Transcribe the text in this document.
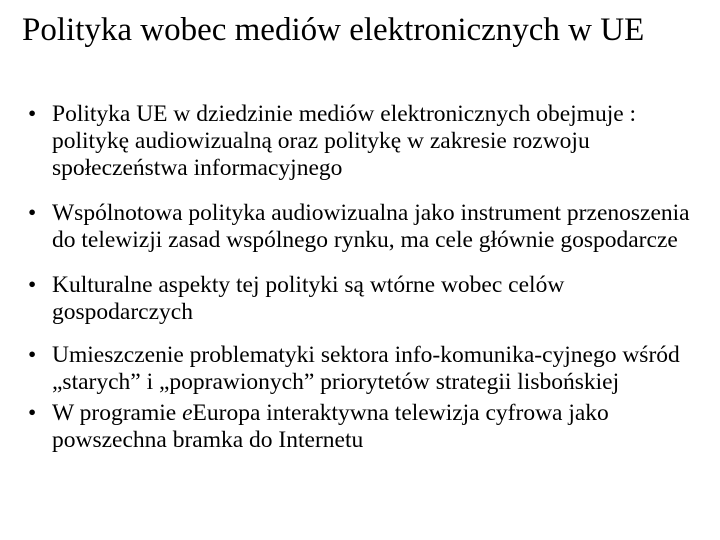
Polityka wobec mediów elektronicznych w UE
• Polityka UE w dziedzinie mediów elektronicznych obejmuje : politykę audiowizualną oraz politykę w zakresie rozwoju społeczeństwa informacyjnego
• Wspólnotowa polityka audiowizualna jako instrument przenoszenia do telewizji zasad wspólnego rynku, ma cele głównie gospodarcze
• Kulturalne aspekty tej polityki są wtórne wobec celów gospodarczych
• Umieszczenie problematyki sektora info-komunika-cyjnego wśród „starych” i „poprawionych” priorytetów strategii lisbońskiej
• W programie eEuropa interaktywna telewizja cyfrowa jako powszechna bramka do Internetu
